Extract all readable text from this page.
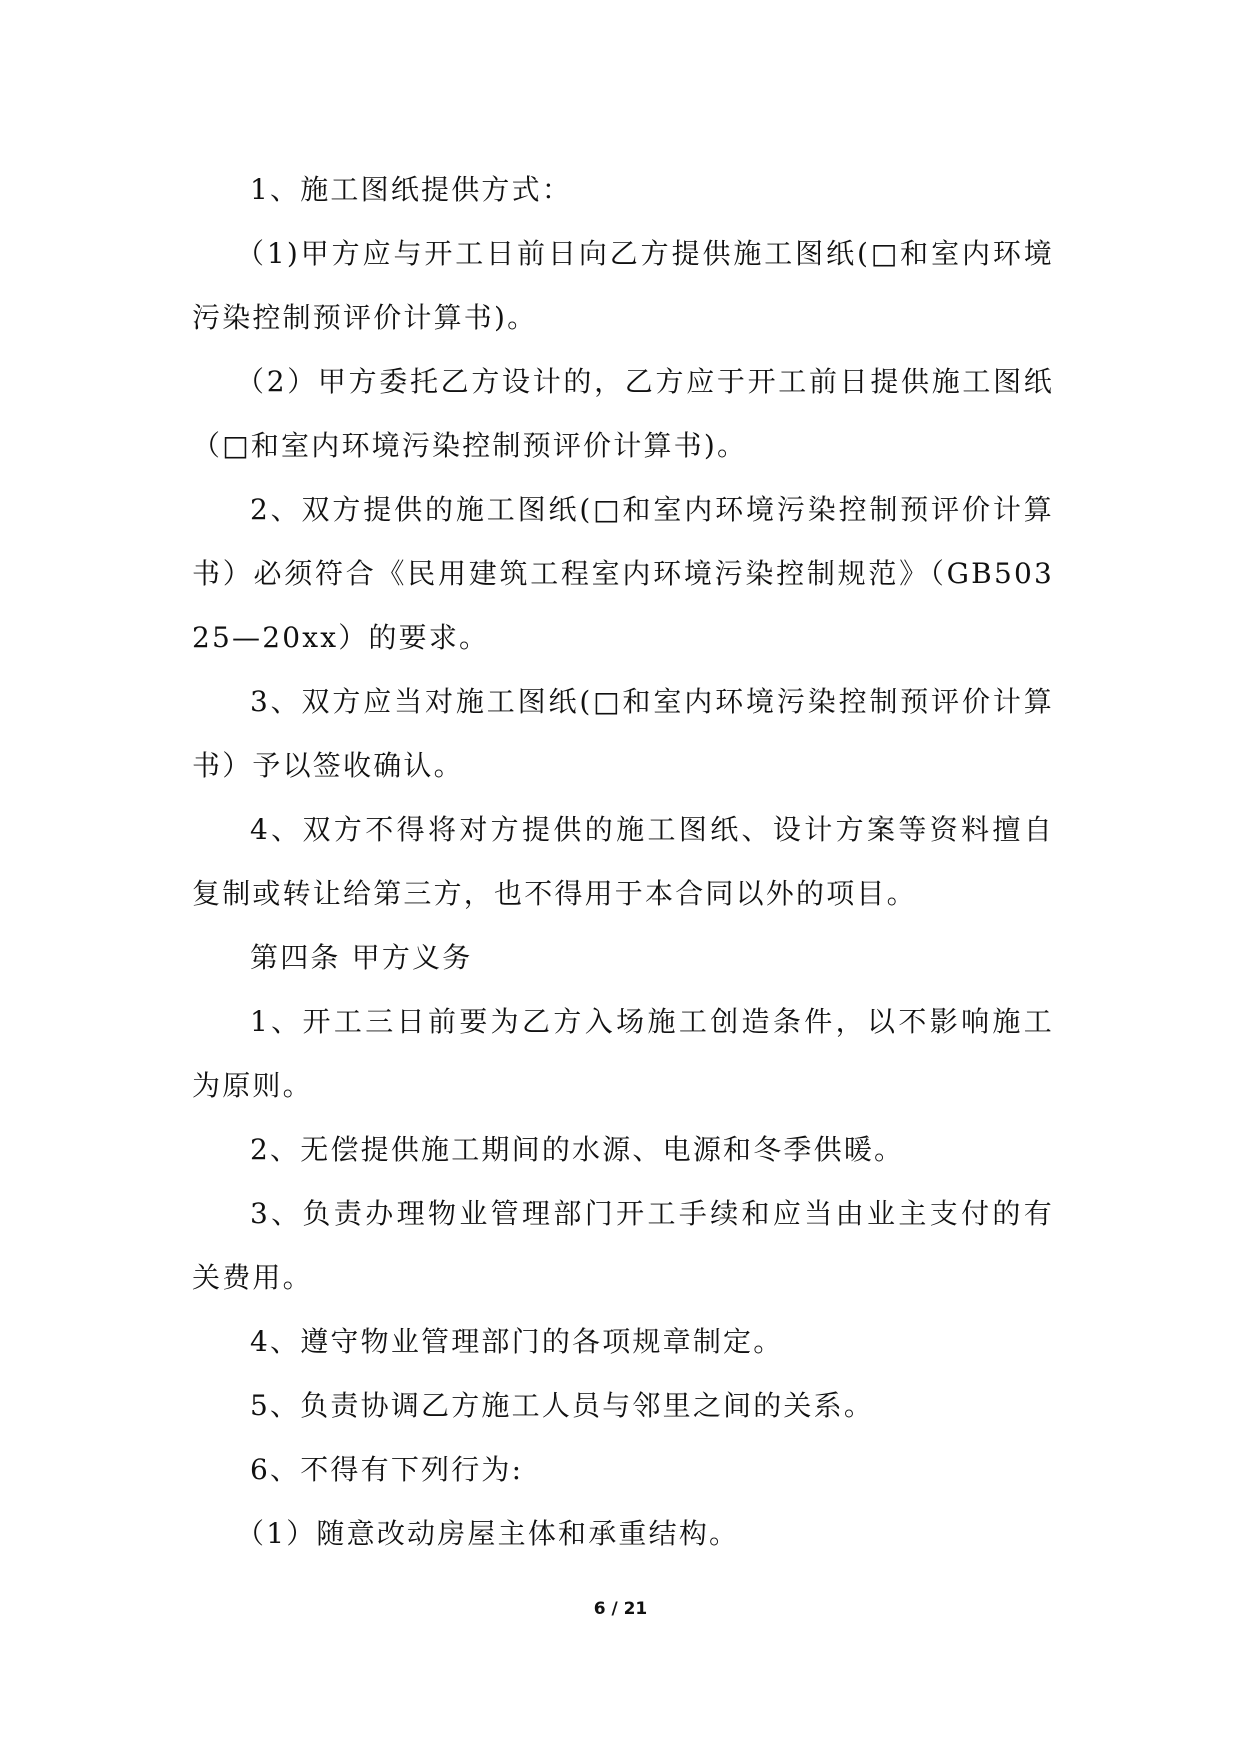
1、施工图纸提供方式：

（1)甲方应与开工日前日向乙方提供施工图纸(□和室内环境污染控制预评价计算书)。

（2）甲方委托乙方设计的，乙方应于开工前日提供施工图纸（□和室内环境污染控制预评价计算书)。

2、双方提供的施工图纸(□和室内环境污染控制预评价计算书）必须符合《民用建筑工程室内环境污染控制规范》（GB50325—20xx）的要求。

3、双方应当对施工图纸(□和室内环境污染控制预评价计算书）予以签收确认。

4、双方不得将对方提供的施工图纸、设计方案等资料擅自复制或转让给第三方，也不得用于本合同以外的项目。

第四条 甲方义务

1、开工三日前要为乙方入场施工创造条件，以不影响施工为原则。

2、无偿提供施工期间的水源、电源和冬季供暖。

3、负责办理物业管理部门开工手续和应当由业主支付的有关费用。

4、遵守物业管理部门的各项规章制定。

5、负责协调乙方施工人员与邻里之间的关系。

6、不得有下列行为:

（1）随意改动房屋主体和承重结构。

6 / 21
